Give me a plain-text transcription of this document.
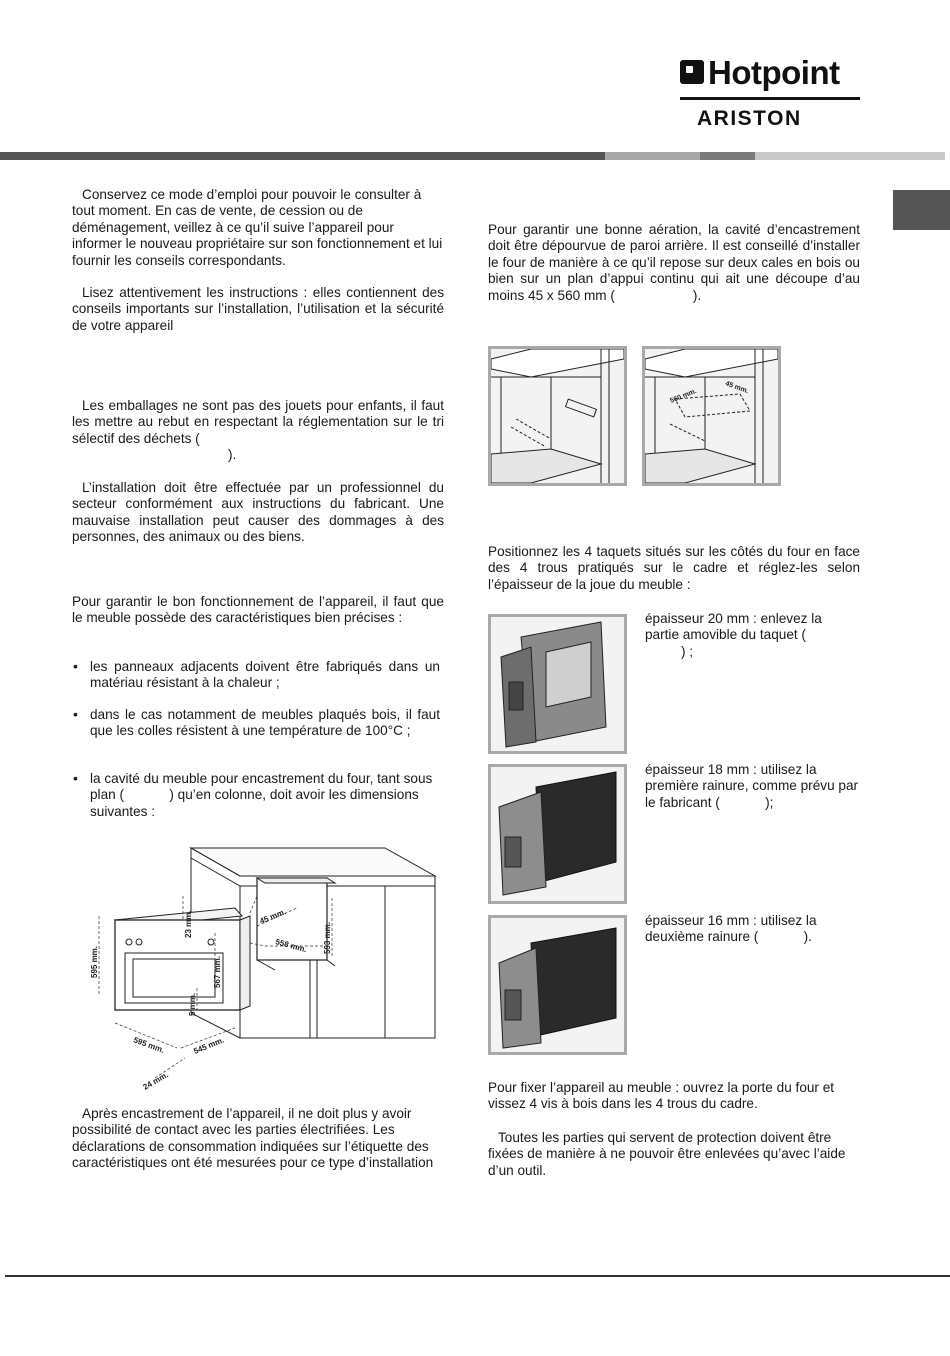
Hotpoint
ARISTON

Conservez ce mode d’emploi pour pouvoir le consulter à tout moment. En cas de vente, de cession ou de déménagement, veillez à ce qu’il suive l’appareil pour informer le nouveau propriétaire sur son fonctionnement et lui fournir les conseils correspondants.

Lisez attentivement les instructions : elles contiennent des conseils importants sur l’installation, l’utilisation et la sécurité de votre appareil

Les emballages ne sont pas des jouets pour enfants, il faut les mettre au rebut en respectant la réglementation sur le tri sélectif des déchets (
).

L’installation doit être effectuée par un professionnel du secteur conformément aux instructions du fabricant. Une mauvaise installation peut causer des dommages à des personnes, des animaux ou des biens.

Pour garantir le bon fonctionnement de l’appareil, il faut que le meuble possède des caractéristiques bien précises :

• les panneaux adjacents doivent être fabriqués dans un matériau résistant à la chaleur ;

• dans le cas notamment de meubles plaqués bois, il faut que les colles résistent à une température de 100°C ;

• la cavité du meuble pour encastrement du four, tant sous plan (            ) qu’en colonne, doit avoir les dimensions suivantes :

595 mm.
23 mm.
567 mm.
5 mm.
595 mm.	545 mm.
24 mm.
45 mm.
558 mm. 593 mm.

Après encastrement de l’appareil, il ne doit plus y avoir possibilité de contact avec les parties électrifiées. Les déclarations de consommation indiquées sur l’étiquette des caractéristiques ont été mesurées pour ce type d’installation

Pour garantir une bonne aération, la cavité d’encastrement doit être dépourvue de paroi arrière. Il est conseillé d’installer le four de manière à ce qu’il repose sur deux cales en bois ou bien sur un plan d’appui continu qui ait une découpe d’au moins 45 x 560 mm (	).

560 mm.
45 mm.

Positionnez les 4 taquets situés sur les côtés du four en face des 4 trous pratiqués sur le cadre et réglez-les selon l’épaisseur de la joue du meuble :

épaisseur 20 mm : enlevez la partie amovible du taquet (
) ;

épaisseur 18 mm : utilisez la première rainure, comme prévu par le fabricant (            );

épaisseur 16 mm : utilisez la deuxième rainure (            ).

Pour fixer l’appareil au meuble : ouvrez la porte du four et vissez 4 vis à bois dans les 4 trous du cadre.

Toutes les parties qui servent de protection doivent être fixées de manière à ne pouvoir être enlevées qu’avec l’aide d’un outil.
